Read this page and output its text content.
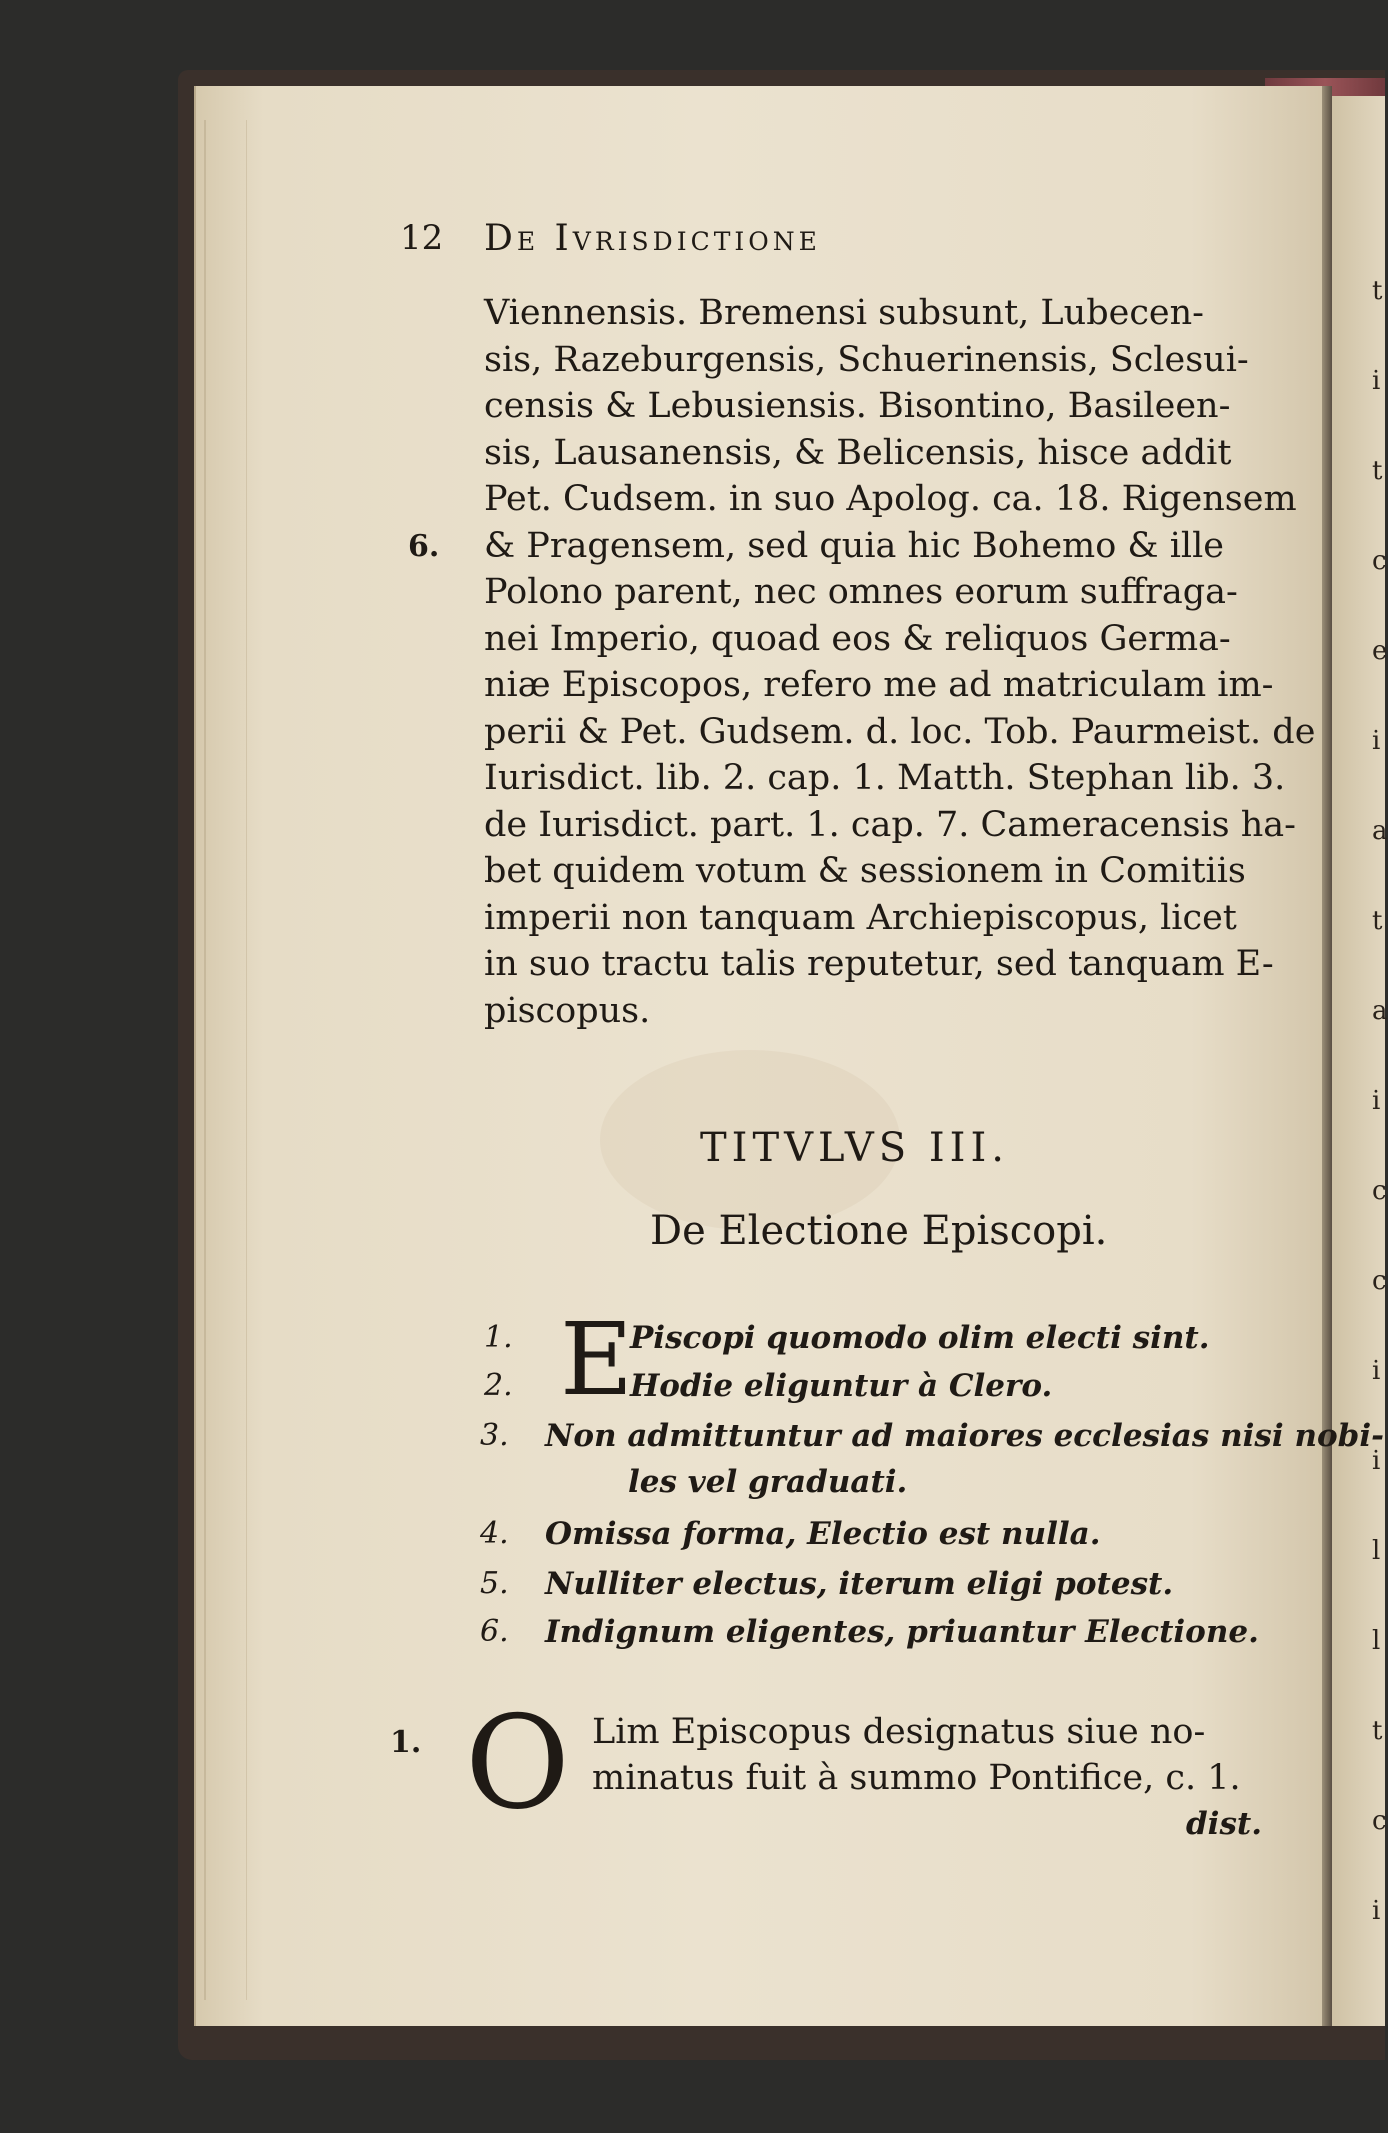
t
i
t
c
e
i
a
t
a
i
c
c
i
i
l
l
t
c
i
12 De Ivrisdictione
Viennensis. Bremensi subsunt, Lubecen-
sis, Razeburgensis, Schuerinensis, Sclesui-
censis & Lebusiensis. Bisontino, Basileen-
sis, Lausanensis, & Belicensis, hisce addit
Pet. Cudsem. in suo Apolog. ca. 18. Rigensem
& Pragensem, sed quia hic Bohemo & ille
6.
Polono parent, nec omnes eorum suffraga-
nei Imperio, quoad eos & reliquos Germa-
niæ Episcopos, refero me ad matriculam im-
perii & Pet. Gudsem. d. loc. Tob. Paurmeist. de
Iurisdict. lib. 2. cap. 1. Matth. Stephan lib. 3.
de Iurisdict. part. 1. cap. 7. Cameracensis ha-
bet quidem votum & sessionem in Comitiis
imperii non tanquam Archiepiscopus, licet
in suo tractu talis reputetur, sed tanquam E-
piscopus.
TITVLVS III.
De Electione Episcopi.
E
1.	Piscopi quomodo olim electi sint.
2.	Hodie eliguntur à Clero.
3. Non admittuntur ad maiores ecclesias nisi nobi-
les vel graduati.
4. Omissa forma, Electio est nulla.
5. Nulliter electus, iterum eligi potest.
6. Indignum eligentes, priuantur Electione.
1. O Lim Episcopus designatus siue no-
minatus fuit à summo Pontifice, c. 1.
dist.
